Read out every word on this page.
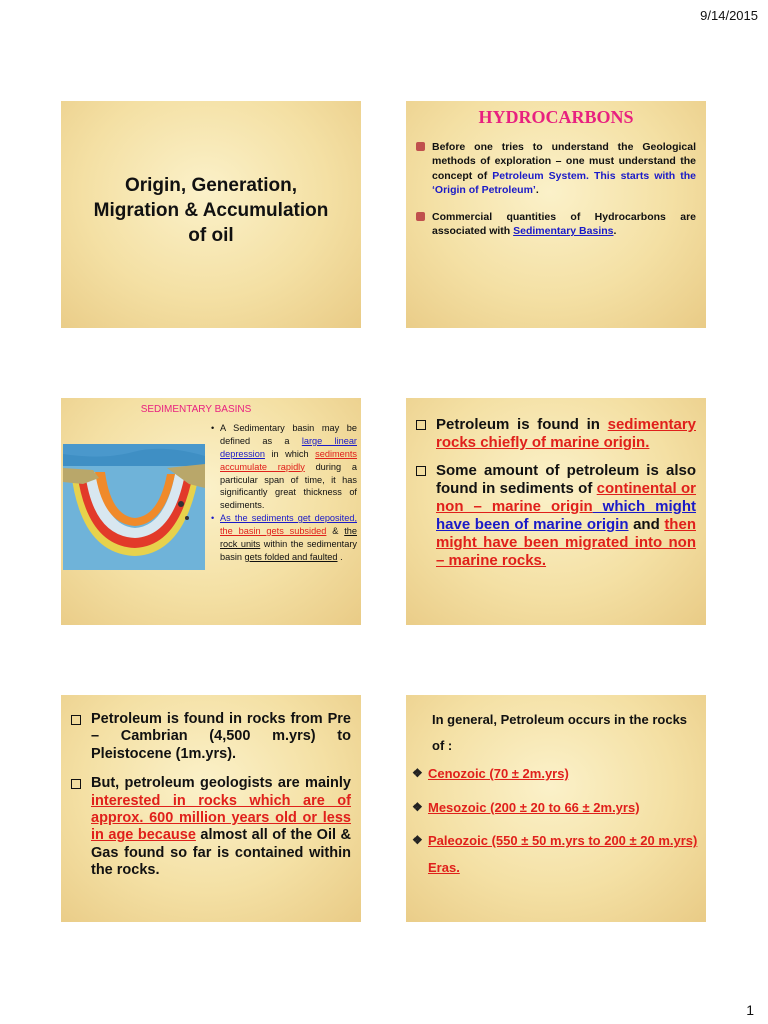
9/14/2015
Origin, Generation,
Migration & Accumulation
of oil
HYDROCARBONS
Before one tries to understand the Geological methods of exploration – one must understand the concept of Petroleum System. This starts with the ‘Origin of Petroleum’.
Commercial quantities of Hydrocarbons are associated with Sedimentary Basins.
SEDIMENTARY BASINS

• A Sedimentary basin may be defined as a large linear depression in which sediments accumulate rapidly during a particular span of time, it has significantly great thickness of sediments.

• As the sediments get deposited, the basin gets subsided & the rock units within the sedimentary basin gets folded and faulted .

Petroleum is found in sedimentary rocks chiefly of marine origin.
Some amount of petroleum is also found in sediments of continental or non – marine origin which might have been of marine origin and then might have been migrated into non – marine rocks.
Petroleum is found in rocks from Pre – Cambrian (4,500 m.yrs) to Pleistocene (1m.yrs).
But, petroleum geologists are mainly interested in rocks which are of approx. 600 million years old or less in age because almost all of the Oil & Gas found so far is contained within the rocks.
In general, Petroleum occurs in the rocks of :
❖ Cenozoic (70 ± 2m.yrs)
❖ Mesozoic (200 ± 20 to 66 ± 2m.yrs)
❖ Paleozoic (550 ± 50 m.yrs to 200 ± 20 m.yrs) Eras.
1
